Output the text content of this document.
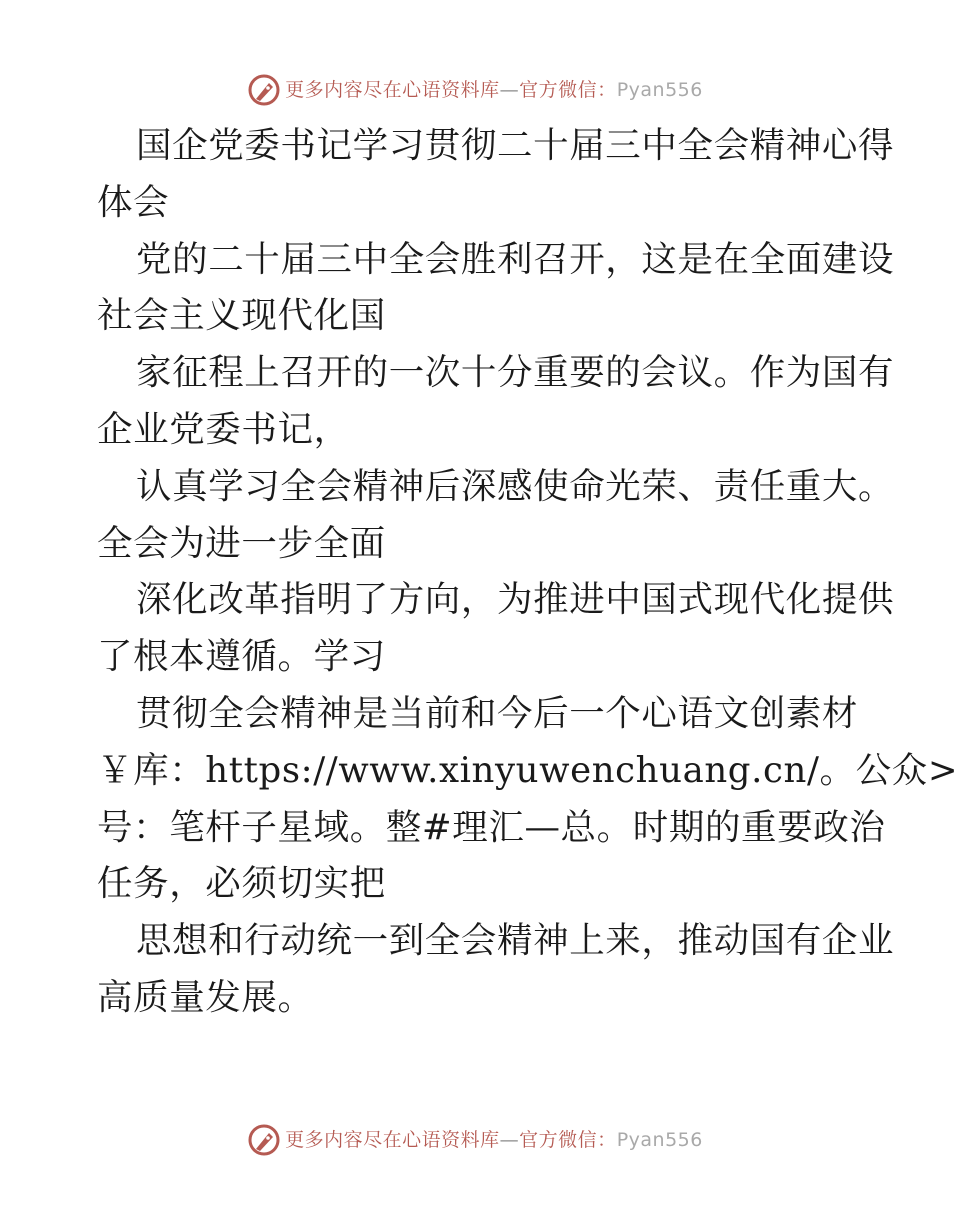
更多内容尽在心语资料库—官方微信：Pyan556
国企党委书记学习贯彻二十届三中全会精神心得
体会
党的二十届三中全会胜利召开，这是在全面建设
社会主义现代化国
家征程上召开的一次十分重要的会议。作为国有
企业党委书记，
认真学习全会精神后深感使命光荣、责任重大。
全会为进一步全面
深化改革指明了方向，为推进中国式现代化提供
了根本遵循。学习
贯彻全会精神是当前和今后一个心语文创素材
￥库：https://www.xinyuwenchuang.cn/。公众>
号：笔杆子星域。整#理汇—总。时期的重要政治
任务，必须切实把
思想和行动统一到全会精神上来，推动国有企业
高质量发展。
更多内容尽在心语资料库—官方微信：Pyan556
